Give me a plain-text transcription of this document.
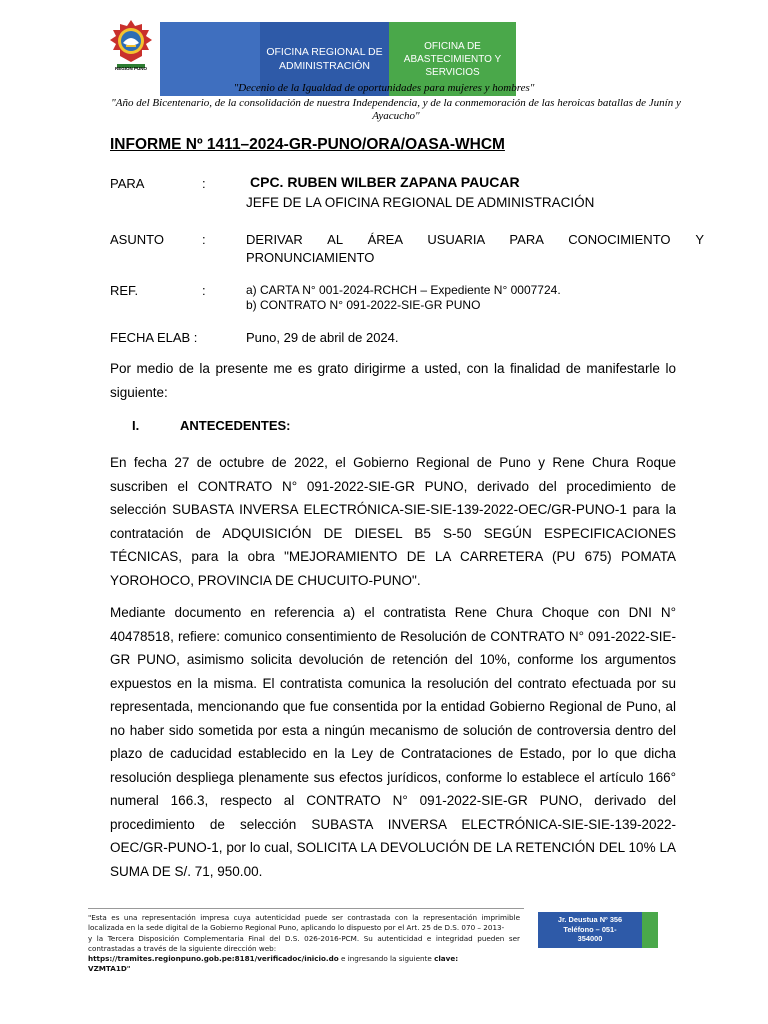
REGION PUNO
OFICINA REGIONAL DE ADMINISTRACIÓN
OFICINA DE ABASTECIMIENTO Y SERVICIOS
"Decenio de la Igualdad de oportunidades para mujeres y hombres"
"Año del Bicentenario, de la consolidación de nuestra Independencia, y de la conmemoración de las heroicas batallas de Junín y Ayacucho"
INFORME Nº 1411–2024-GR-PUNO/ORA/OASA-WHCM
PARA	:	CPC. RUBEN WILBER ZAPANA PAUCAR
JEFE DE LA OFICINA REGIONAL DE ADMINISTRACIÓN
ASUNTO	:	DERIVAR AL ÁREA USUARIA PARA CONOCIMIENTO Y
PRONUNCIAMIENTO
REF.	:	a) CARTA N° 001-2024-RCHCH – Expediente N° 0007724.
b) CONTRATO N° 091-2022-SIE-GR PUNO
FECHA ELAB :	Puno, 29 de abril de 2024.
Por medio de la presente me es grato dirigirme a usted, con la finalidad de manifestarle lo siguiente:
I.	ANTECEDENTES:
En fecha 27 de octubre de 2022, el Gobierno Regional de Puno y Rene Chura Roque suscriben el CONTRATO N° 091-2022-SIE-GR PUNO, derivado del procedimiento de selección SUBASTA INVERSA ELECTRÓNICA-SIE-SIE-139-2022-OEC/GR-PUNO-1 para la contratación de ADQUISICIÓN DE DIESEL B5 S-50 SEGÚN ESPECIFICACIONES TÉCNICAS, para la obra "MEJORAMIENTO DE LA CARRETERA (PU 675) POMATA YOROHOCO, PROVINCIA DE CHUCUITO-PUNO".
Mediante documento en referencia a) el contratista Rene Chura Choque con DNI N° 40478518, refiere: comunico consentimiento de Resolución de CONTRATO N° 091-2022-SIE-GR PUNO, asimismo solicita devolución de retención del 10%, conforme los argumentos expuestos en la misma. El contratista comunica la resolución del contrato efectuada por su representada, mencionando que fue consentida por la entidad Gobierno Regional de Puno, al no haber sido sometida por esta a ningún mecanismo de solución de controversia dentro del plazo de caducidad establecido en la Ley de Contrataciones de Estado, por lo que dicha resolución despliega plenamente sus efectos jurídicos, conforme lo establece el artículo 166° numeral 166.3, respecto al CONTRATO N° 091-2022-SIE-GR PUNO, derivado del procedimiento de selección SUBASTA INVERSA ELECTRÓNICA-SIE-SIE-139-2022-OEC/GR-PUNO-1, por lo cual, SOLICITA LA DEVOLUCIÓN DE LA RETENCIÓN DEL 10% LA SUMA DE S/. 71, 950.00.
"Esta es una representación impresa cuya autenticidad puede ser contrastada con la representación imprimible localizada en la sede digital de la Gobierno Regional Puno, aplicando lo dispuesto por el Art. 25 de D.S. 070 – 2013-
y la Tercera Disposición Complementaria Final del D.S. 026-2016-PCM. Su autenticidad e integridad pueden ser contrastadas a través de la siguiente dirección web:
https://tramites.regionpuno.gob.pe:8181/verificadoc/inicio.do e ingresando la siguiente clave:
VZMTA1D"
Jr. Deustua Nº 356
Teléfono – 051-
354000
